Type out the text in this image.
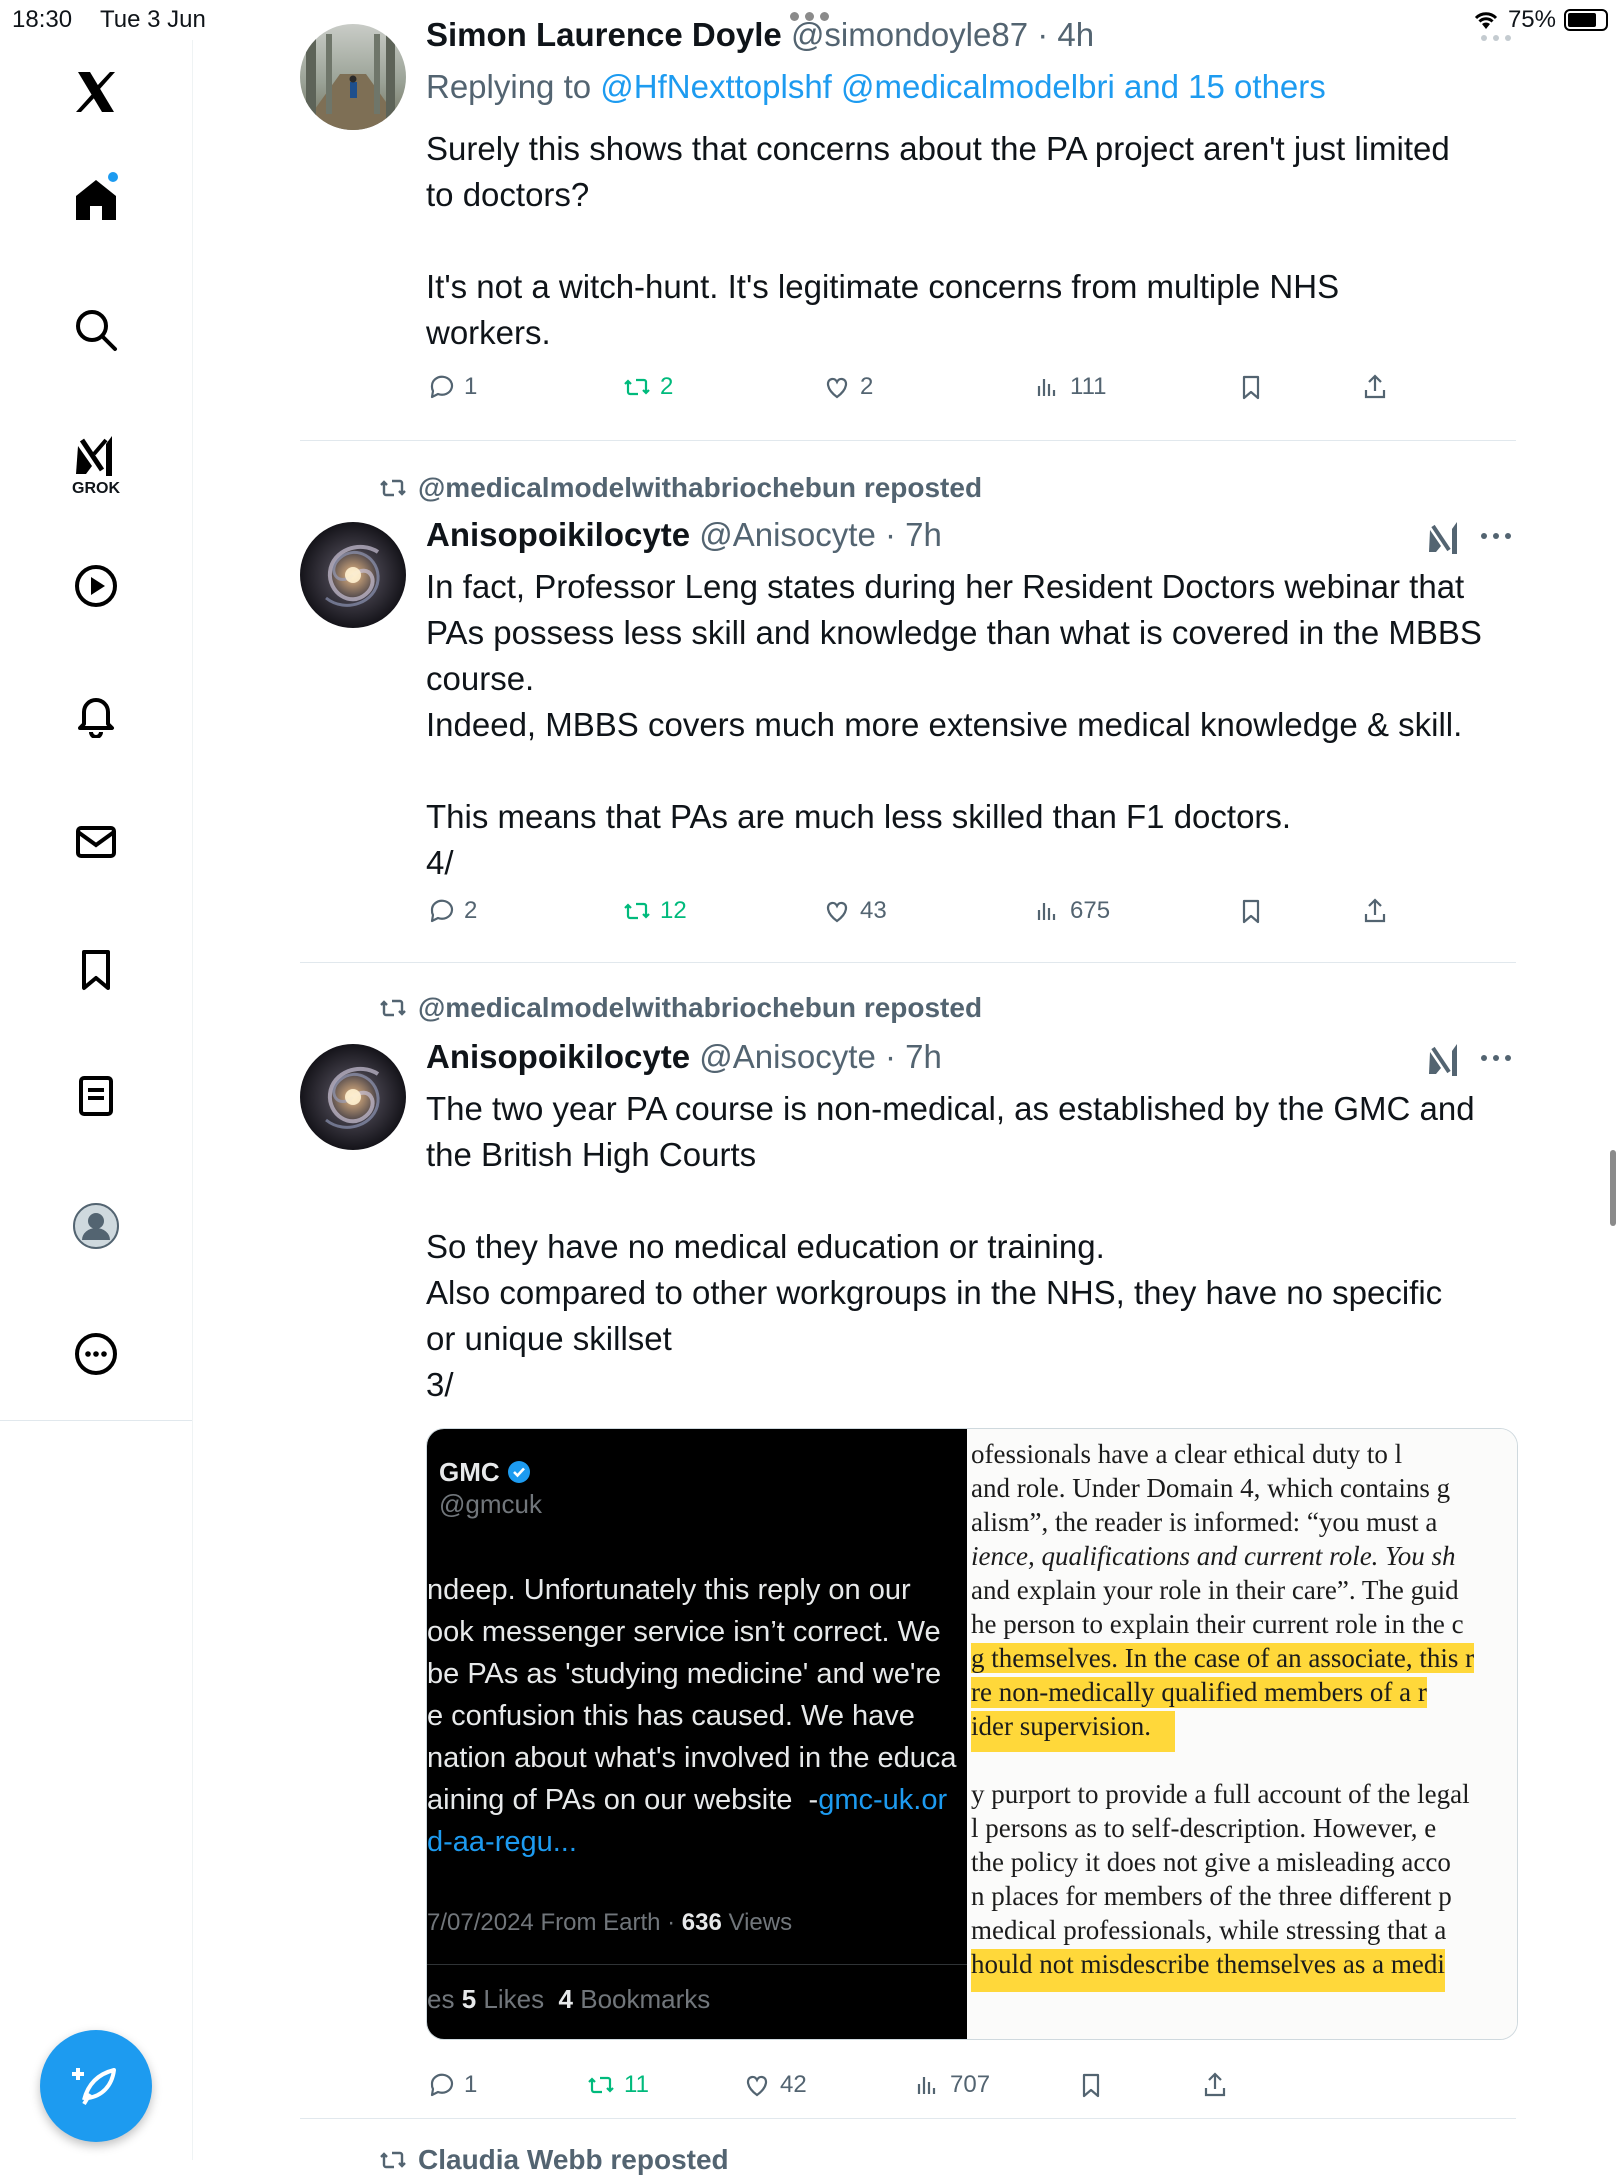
18:30 Tue 3 Jun	75%
GROK
Simon Laurence Doyle @simondoyle87 · 4h
Replying to @HfNexttoplshf @medicalmodelbri and 15 others
Surely this shows that concerns about the PA project aren't just limited
to doctors?

It's not a witch-hunt. It's legitimate concerns from multiple NHS
workers.
1	2	2	111
@medicalmodelwithabriochebun reposted
Anisopoikilocyte @Anisocyte · 7h
In fact, Professor Leng states during her Resident Doctors webinar that
PAs possess less skill and knowledge than what is covered in the MBBS
course.
Indeed, MBBS covers much more extensive medical knowledge & skill.

This means that PAs are much less skilled than F1 doctors.
4/
2	12	43	675
@medicalmodelwithabriochebun reposted
Anisopoikilocyte @Anisocyte · 7h
The two year PA course is non-medical, as established by the GMC and
the British High Courts

So they have no medical education or training.
Also compared to other workgroups in the NHS, they have no specific
or unique skillset
3/
GMC
@gmcuk
ndeep. Unfortunately this reply on our
ook messenger service isn’t correct. We
be PAs as 'studying medicine' and we're
e confusion this has caused. We have
nation about what's involved in the educa
aining of PAs on our website  -gmc-uk.or
d-aa-regu...
7/07/2024 From Earth · 636 Views
es 5 Likes 4 Bookmarks
ofessionals have a clear ethical duty to l
and role. Under Domain 4, which contains g
alism”, the reader is informed: “you must a
ience, qualifications and current role. You sh
and explain your role in their care”. The guid
he person to explain their current role in the c
g themselves. In the case of an associate, this r
re non-medically qualified members of a r
ider supervision.
y purport to provide a full account of the legal
l persons as to self-description. However, e
the policy it does not give a misleading acco
n places for members of the three different p
medical professionals, while stressing that a
hould not misdescribe themselves as a medi
1	11	42	707
Claudia Webb reposted
